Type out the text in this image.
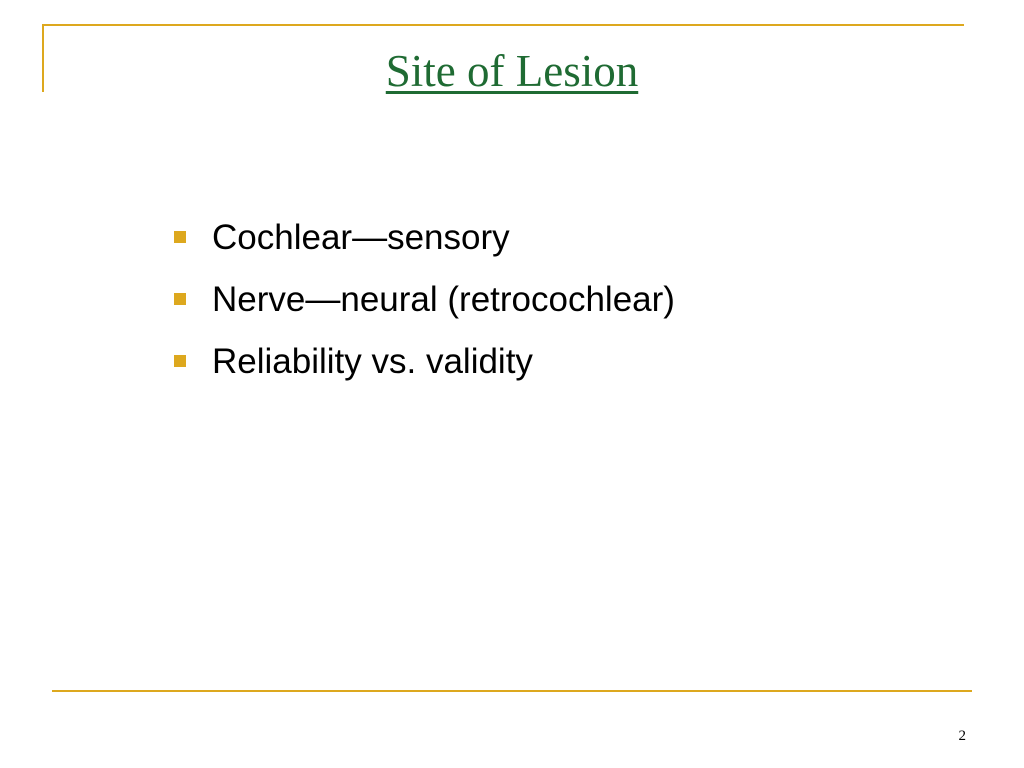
Site of Lesion
Cochlear—sensory
Nerve—neural (retrocochlear)
Reliability vs. validity
2
